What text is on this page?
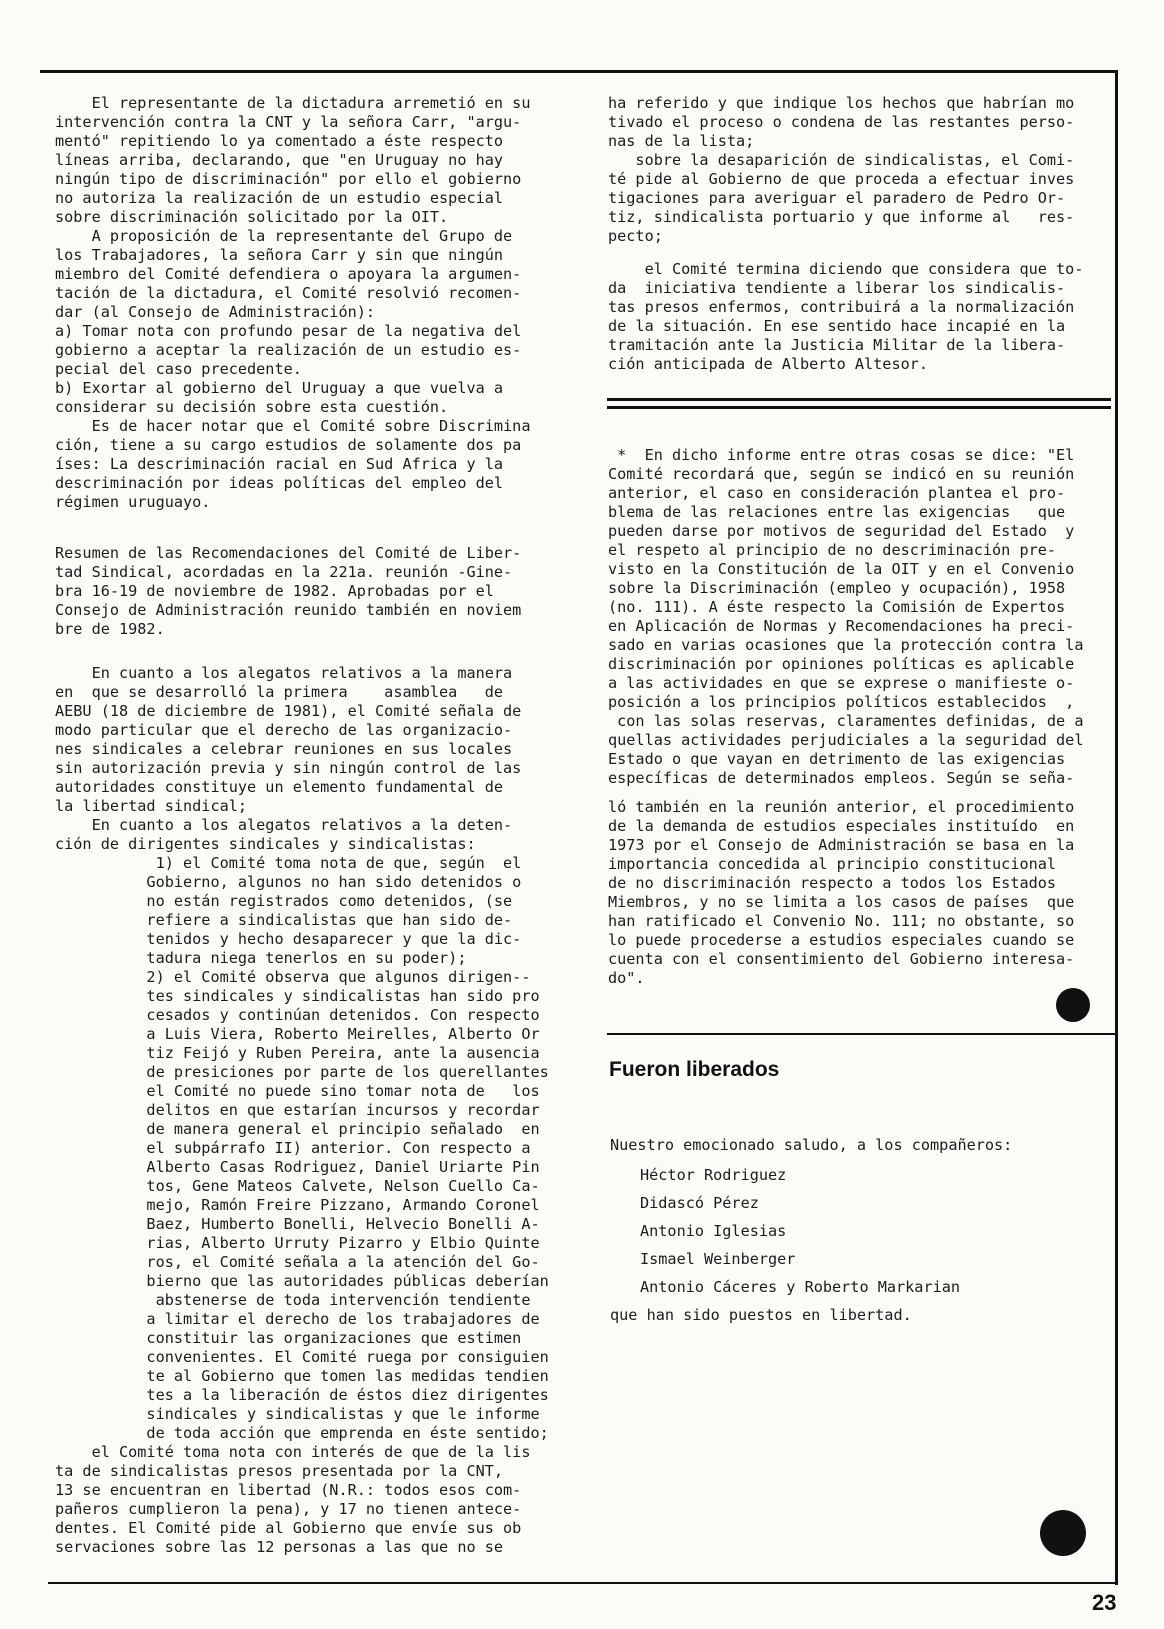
El representante de la dictadura arremetió en su

intervención contra la CNT y la señora Carr, "argu-

mentó" repitiendo lo ya comentado a éste respecto

líneas arriba, declarando, que "en Uruguay no hay

ningún tipo de discriminación" por ello el gobierno

no autoriza la realización de un estudio especial

sobre discriminación solicitado por la OIT.

A proposición de la representante del Grupo de

los Trabajadores, la señora Carr y sin que ningún

miembro del Comité defendiera o apoyara la argumen-

tación de la dictadura, el Comité resolvió recomen-

dar (al Consejo de Administración):

a) Tomar nota con profundo pesar de la negativa del

gobierno a aceptar la realización de un estudio es-

pecial del caso precedente.

b) Exortar al gobierno del Uruguay a que vuelva a

considerar su decisión sobre esta cuestión.

Es de hacer notar que el Comité sobre Discrimina

ción, tiene a su cargo estudios de solamente dos pa

íses: La descriminación racial en Sud Africa y la

descriminación por ideas políticas del empleo del

régimen uruguayo.

Resumen de las Recomendaciones del Comité de Liber-

tad Sindical, acordadas en la 221a. reunión -Gine-

bra 16-19 de noviembre de 1982. Aprobadas por el

Consejo de Administración reunido también en noviem

bre de 1982.

En cuanto a los alegatos relativos a la manera

en  que se desarrolló la primera    asamblea   de

AEBU (18 de diciembre de 1981), el Comité señala de

modo particular que el derecho de las organizacio-

nes sindicales a celebrar reuniones en sus locales

sin autorización previa y sin ningún control de las

autoridades constituye un elemento fundamental de

la libertad sindical;

En cuanto a los alegatos relativos a la deten-

ción de dirigentes sindicales y sindicalistas:

1) el Comité toma nota de que, según  el

Gobierno, algunos no han sido detenidos o

no están registrados como detenidos, (se

refiere a sindicalistas que han sido de-

tenidos y hecho desaparecer y que la dic-

tadura niega tenerlos en su poder);

2) el Comité observa que algunos dirigen--

tes sindicales y sindicalistas han sido pro

cesados y continúan detenidos. Con respecto

a Luis Viera, Roberto Meirelles, Alberto Or

tiz Feijó y Ruben Pereira, ante la ausencia

de presiciones por parte de los querellantes

el Comité no puede sino tomar nota de   los

delitos en que estarían incursos y recordar

de manera general el principio señalado  en

el subpárrafo II) anterior. Con respecto a

Alberto Casas Rodriguez, Daniel Uriarte Pin

tos, Gene Mateos Calvete, Nelson Cuello Ca-

mejo, Ramón Freire Pizzano, Armando Coronel

Baez, Humberto Bonelli, Helvecio Bonelli A-

rias, Alberto Urruty Pizarro y Elbio Quinte

ros, el Comité señala a la atención del Go-

bierno que las autoridades públicas deberían

abstenerse de toda intervención tendiente

a limitar el derecho de los trabajadores de

constituir las organizaciones que estimen

convenientes. El Comité ruega por consiguien

te al Gobierno que tomen las medidas tendien

tes a la liberación de éstos diez dirigentes

sindicales y sindicalistas y que le informe

de toda acción que emprenda en éste sentido;

el Comité toma nota con interés de que de la lis

ta de sindicalistas presos presentada por la CNT,

13 se encuentran en libertad (N.R.: todos esos com-

pañeros cumplieron la pena), y 17 no tienen antece-

dentes. El Comité pide al Gobierno que envíe sus ob

servaciones sobre las 12 personas a las que no se

ha referido y que indique los hechos que habrían mo

tivado el proceso o condena de las restantes perso-

nas de la lista;

sobre la desaparición de sindicalistas, el Comi-

té pide al Gobierno de que proceda a efectuar inves

tigaciones para averiguar el paradero de Pedro Or-

tiz, sindicalista portuario y que informe al   res-

pecto;

el Comité termina diciendo que considera que to-

da  iniciativa tendiente a liberar los sindicalis-

tas presos enfermos, contribuirá a la normalización

de la situación. En ese sentido hace incapié en la

tramitación ante la Justicia Militar de la libera-

ción anticipada de Alberto Altesor.

*  En dicho informe entre otras cosas se dice: "El

Comité recordará que, según se indicó en su reunión

anterior, el caso en consideración plantea el pro-

blema de las relaciones entre las exigencias   que

pueden darse por motivos de seguridad del Estado  y

el respeto al principio de no descriminación pre-

visto en la Constitución de la OIT y en el Convenio

sobre la Discriminación (empleo y ocupación), 1958

(no. 111). A éste respecto la Comisión de Expertos

en Aplicación de Normas y Recomendaciones ha preci-

sado en varias ocasiones que la protección contra la

discriminación por opiniones políticas es aplicable

a las actividades en que se exprese o manifieste o-

posición a los principios políticos establecidos  ,

con las solas reservas, claramentes definidas, de a

quellas actividades perjudiciales a la seguridad del

Estado o que vayan en detrimento de las exigencias

específicas de determinados empleos. Según se seña-

ló también en la reunión anterior, el procedimiento

de la demanda de estudios especiales instituído  en

1973 por el Consejo de Administración se basa en la

importancia concedida al principio constitucional

de no discriminación respecto a todos los Estados

Miembros, y no se limita a los casos de países  que

han ratificado el Convenio No. 111; no obstante, so

lo puede procederse a estudios especiales cuando se

cuenta con el consentimiento del Gobierno interesa-

do".

Fueron liberados

Nuestro emocionado saludo, a los compañeros:

Héctor Rodriguez

Didascó Pérez

Antonio Iglesias

Ismael Weinberger

Antonio Cáceres y Roberto Markarian

que han sido puestos en libertad.

23
